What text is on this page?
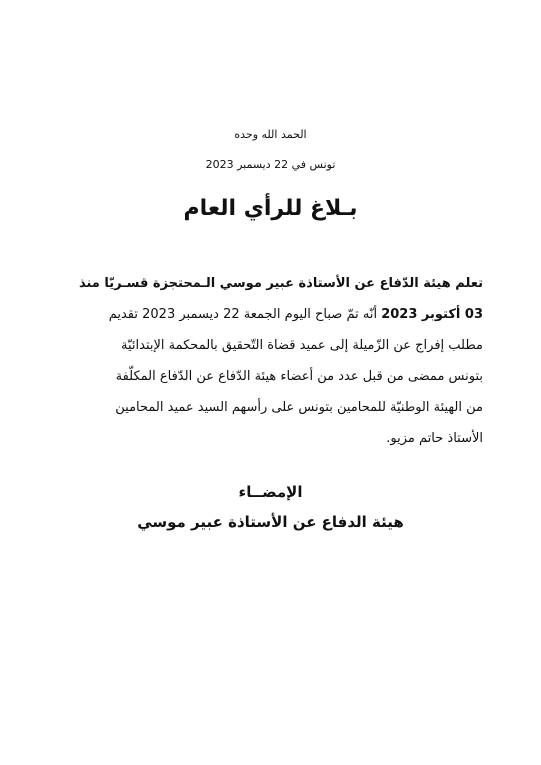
الحمد الله وحده
تونس في 22 ديسمبر 2023
بـلاغ للرأي العام
تعلم هيئة الدّفاع عن الأستاذة عبير موسي الـمحتجزة قسـريّا منذ
03 أكتوبر 2023 أنّه تمّ صباح اليوم الجمعة 22 ديسمبر 2023 تقديم
مطلب إفراج عن الزّميلة إلى عميد قضاة التّحقيق بالمحكمة الإبتدائيّة
بتونس ممضى من قبل عدد من أعضاء هيئة الدّفاع عن الدّفاع المكلّفة
من الهيئة الوطنيّة للمحامين بتونس على رأسهم السيد عميد المحامين
الأستاذ حاتم مزيو.
الإمضــاء
هيئة الدفاع عن الأستاذة عبير موسي
